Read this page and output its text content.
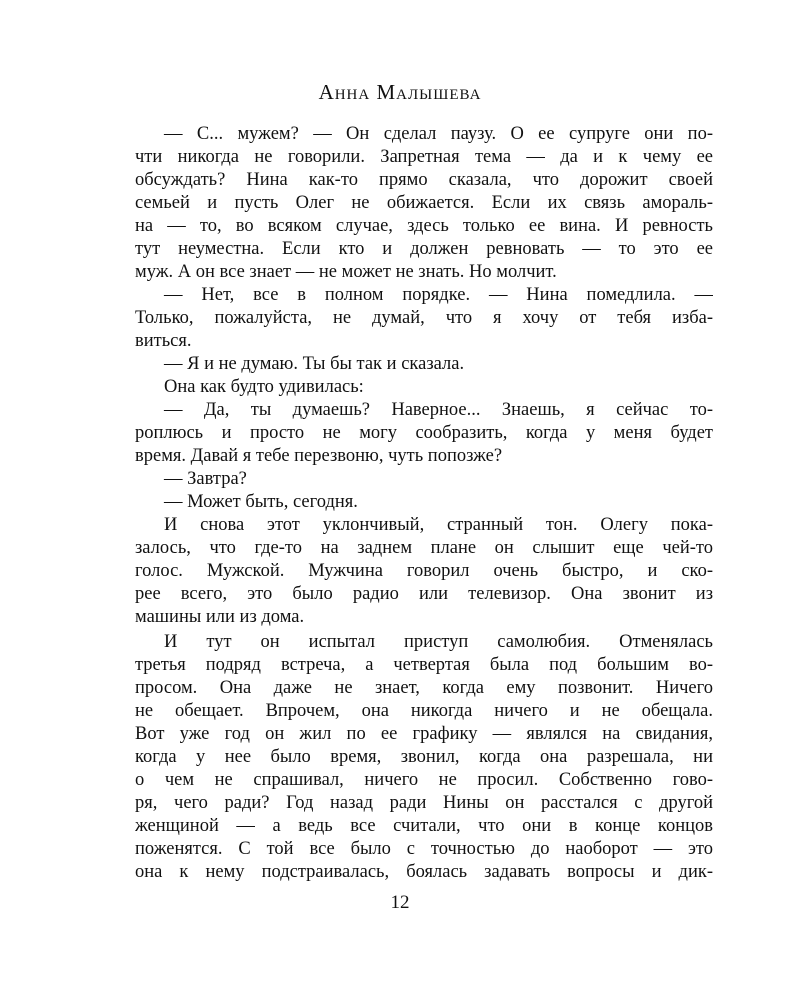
Анна Малышева
— С... мужем? — Он сделал паузу. О ее супруге они по-
чти никогда не говорили. Запретная тема — да и к чему ее
обсуждать? Нина как-то прямо сказала, что дорожит своей
семьей и пусть Олег не обижается. Если их связь амораль-
на — то, во всяком случае, здесь только ее вина. И ревность
тут неуместна. Если кто и должен ревновать — то это ее
муж. А он все знает — не может не знать. Но молчит.
— Нет, все в полном порядке. — Нина помедлила. —
Только, пожалуйста, не думай, что я хочу от тебя изба-
виться.
— Я и не думаю. Ты бы так и сказала.
Она как будто удивилась:
— Да, ты думаешь? Наверное... Знаешь, я сейчас то-
роплюсь и просто не могу сообразить, когда у меня будет
время. Давай я тебе перезвоню, чуть попозже?
— Завтра?
— Может быть, сегодня.
И снова этот уклончивый, странный тон. Олегу пока-
залось, что где-то на заднем плане он слышит еще чей-то
голос. Мужской. Мужчина говорил очень быстро, и ско-
рее всего, это было радио или телевизор. Она звонит из
машины или из дома.
И тут он испытал приступ самолюбия. Отменялась
третья подряд встреча, а четвертая была под большим во-
просом. Она даже не знает, когда ему позвонит. Ничего
не обещает. Впрочем, она никогда ничего и не обещала.
Вот уже год он жил по ее графику — являлся на свидания,
когда у нее было время, звонил, когда она разрешала, ни
о чем не спрашивал, ничего не просил. Собственно гово-
ря, чего ради? Год назад ради Нины он расстался с другой
женщиной — а ведь все считали, что они в конце концов
поженятся. С той все было с точностью до наоборот — это
она к нему подстраивалась, боялась задавать вопросы и дик-
12
